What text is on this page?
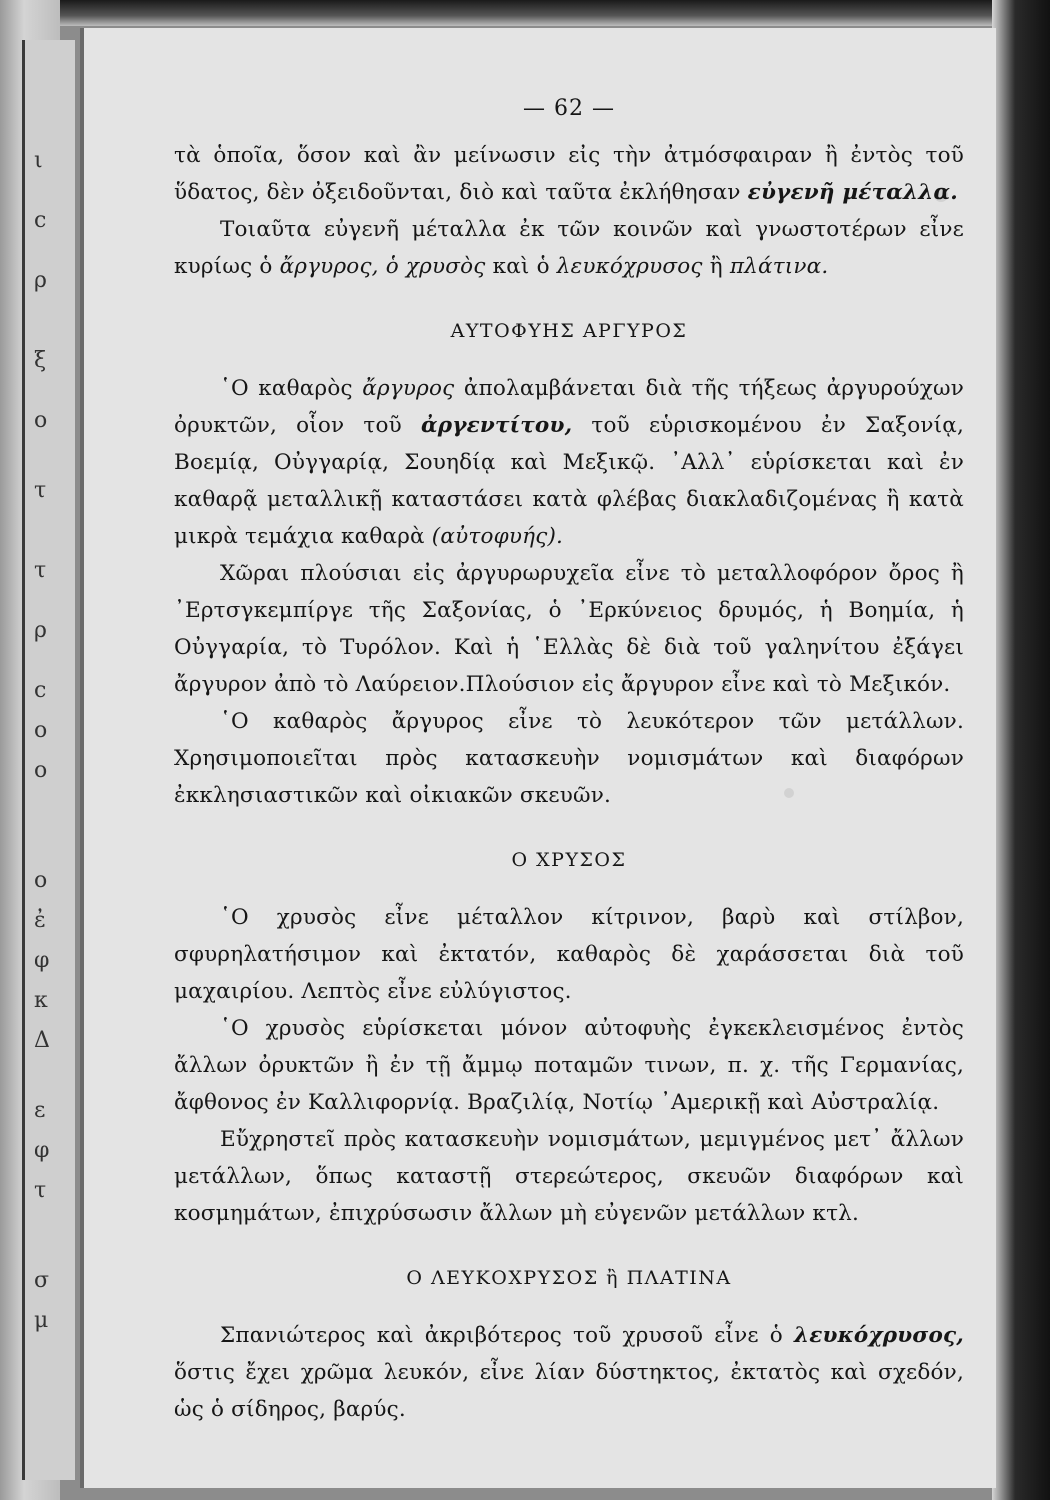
ι
ϲ
ρ
ξ
ο
τ
τ
ρ
ϲ
ο
ο
ο
ἐ
φ
κ
Δ
ε
φ
τ
σ
μ

— 62 —

τὰ ὁποῖα, ὅσον καὶ ἂν μείνωσιν εἰς τὴν ἀτμόσφαιραν ἢ ἐντὸς τοῦ ὕδατος, δὲν ὀξειδοῦνται, διὸ καὶ ταῦτα ἐκλήθησαν εὐγενῆ μέταλλα.

Τοιαῦτα εὐγενῆ μέταλλα ἐκ τῶν κοινῶν καὶ γνωστοτέρων εἶνε κυρίως ὁ ἄργυρος, ὁ χρυσὸς καὶ ὁ λευκόχρυσος ἢ πλάτινα.

ΑΥΤΟΦΥΗΣ ΑΡΓΥΡΟΣ

῾Ο καθαρὸς ἄργυρος ἀπολαμβάνεται διὰ τῆς τήξεως ἀργυρούχων ὀρυκτῶν, οἷον τοῦ ἀργεντίτου, τοῦ εὑρισκομένου ἐν Σαξονίᾳ, Βοεμίᾳ, Οὐγγαρίᾳ, Σουηδίᾳ καὶ Μεξικῷ. ᾿Αλλ᾿ εὑρίσκεται καὶ ἐν καθαρᾷ μεταλλικῇ καταστάσει κατὰ φλέβας διακλαδιζομένας ἢ κατὰ μικρὰ τεμάχια καθαρὰ (αὐτοφυής).

Χῶραι πλούσιαι εἰς ἀργυρωρυχεῖα εἶνε τὸ μεταλλοφόρον ὄρος ἢ ᾿Ερτσγκεμπίργε τῆς Σαξονίας, ὁ ᾿Ερκύνειος δρυμός, ἡ Βοημία, ἡ Οὐγγαρία, τὸ Τυρόλον. Καὶ ἡ ῾Ελλὰς δὲ διὰ τοῦ γαληνίτου ἐξάγει ἄργυρον ἀπὸ τὸ Λαύρειον.Πλούσιον εἰς ἄργυρον εἶνε καὶ τὸ Μεξικόν.

῾Ο καθαρὸς ἄργυρος εἶνε τὸ λευκότερον τῶν μετάλλων. Χρησιμοποιεῖται πρὸς κατασκευὴν νομισμάτων καὶ διαφόρων ἐκκλησιαστικῶν καὶ οἰκιακῶν σκευῶν.

Ο ΧΡΥΣΟΣ

῾Ο χρυσὸς εἶνε μέταλλον κίτρινον, βαρὺ καὶ στίλβον, σφυρηλατήσιμον καὶ ἐκτατόν, καθαρὸς δὲ χαράσσεται διὰ τοῦ μαχαιρίου. Λεπτὸς εἶνε εὐλύγιστος.

῾Ο χρυσὸς εὑρίσκεται μόνον αὐτοφυὴς ἐγκεκλεισμένος ἐντὸς ἄλλων ὀρυκτῶν ἢ ἐν τῇ ἄμμῳ ποταμῶν τινων, π. χ. τῆς Γερμανίας, ἄφθονος ἐν Καλλιφορνίᾳ. Βραζιλίᾳ, Νοτίῳ ᾿Αμερικῇ καὶ Αὐστραλίᾳ.

Εὔχρηστεῖ πρὸς κατασκευὴν νομισμάτων, μεμιγμένος μετ᾿ ἄλλων μετάλλων, ὅπως καταστῇ στερεώτερος, σκευῶν διαφόρων καὶ κοσμημάτων, ἐπιχρύσωσιν ἄλλων μὴ εὐγενῶν μετάλλων κτλ.

Ο ΛΕΥΚΟΧΡΥΣΟΣ ἢ ΠΛΑΤΙΝΑ

Σπανιώτερος καὶ ἀκριβότερος τοῦ χρυσοῦ εἶνε ὁ λευκόχρυσος, ὅστις ἔχει χρῶμα λευκόν, εἶνε λίαν δύστηκτος, ἐκτατὸς καὶ σχεδόν, ὡς ὁ σίδηρος, βαρύς.
